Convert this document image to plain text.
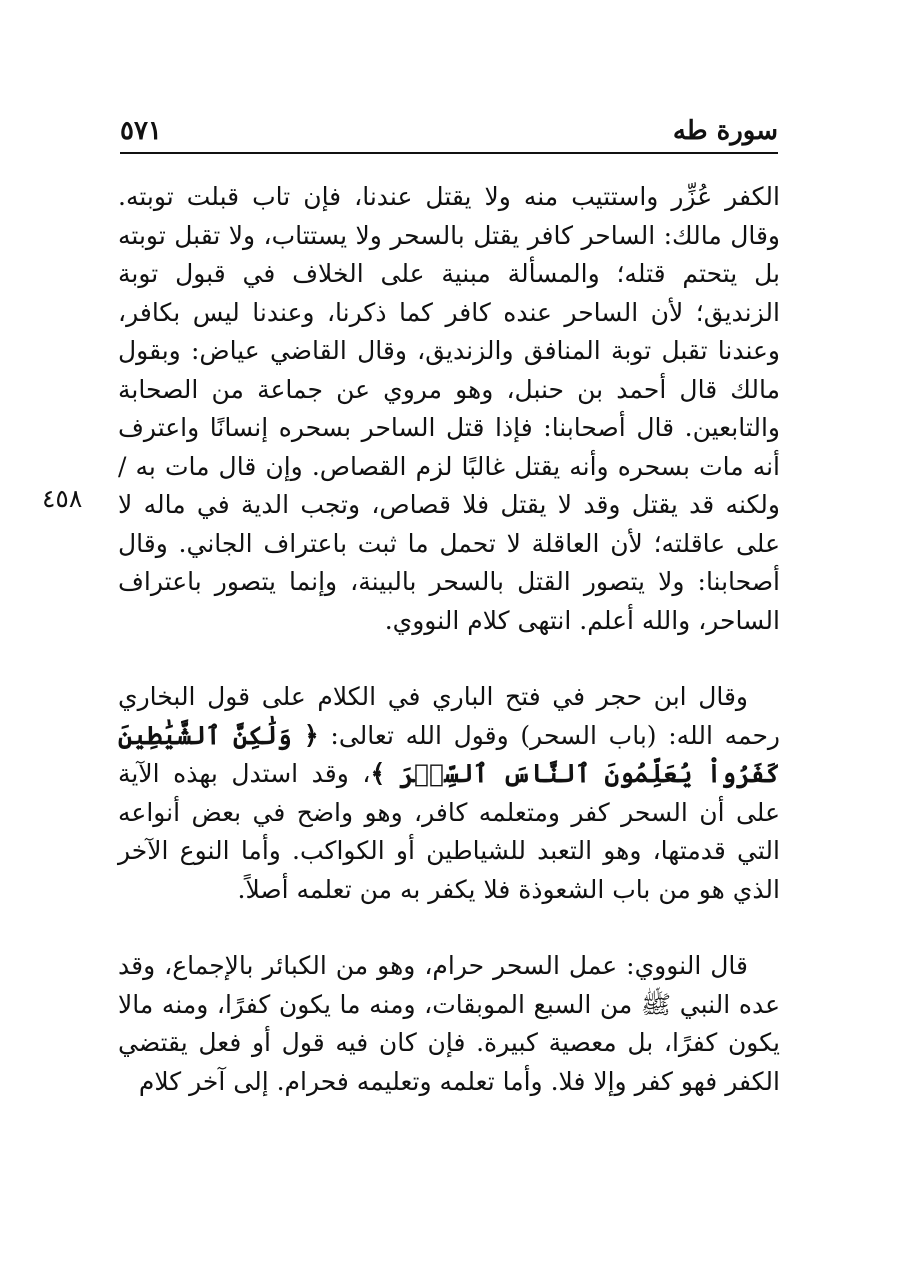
سورة طه
٥٧١
٤٥٨

الكفر عُزِّر واستتيب منه ولا يقتل عندنا، فإن تاب قبلت توبته. وقال مالك: الساحر كافر يقتل بالسحر ولا يستتاب، ولا تقبل توبته بل يتحتم قتله؛ والمسألة مبنية على الخلاف في قبول توبة الزنديق؛ لأن الساحر عنده كافر كما ذكرنا، وعندنا ليس بكافر، وعندنا تقبل توبة المنافق والزنديق، وقال القاضي عياض: وبقول مالك قال أحمد بن حنبل، وهو مروي عن جماعة من الصحابة والتابعين. قال أصحابنا: فإذا قتل الساحر بسحره إنسانًا واعترف أنه مات بسحره وأنه يقتل غالبًا لزم القصاص. وإن قال مات به / ولكنه قد يقتل وقد لا يقتل فلا قصاص، وتجب الدية في ماله لا على عاقلته؛ لأن العاقلة لا تحمل ما ثبت باعتراف الجاني. وقال أصحابنا: ولا يتصور القتل بالسحر بالبينة، وإنما يتصور باعتراف الساحر، والله أعلم. انتهى كلام النووي.

وقال ابن حجر في فتح الباري في الكلام على قول البخاري رحمه الله: (باب السحر) وقول الله تعالى: ﴿ وَلَٰكِنَّ ٱلشَّيَٰطِينَ كَفَرُواْ يُعَلِّمُونَ ٱلنَّاسَ ٱلسِّحۡرَ ﴾، وقد استدل بهذه الآية على أن السحر كفر ومتعلمه كافر، وهو واضح في بعض أنواعه التي قدمتها، وهو التعبد للشياطين أو الكواكب. وأما النوع الآخر الذي هو من باب الشعوذة فلا يكفر به من تعلمه أصلاً.

قال النووي: عمل السحر حرام، وهو من الكبائر بالإجماع، وقد عده النبي ﷺ من السبع الموبقات، ومنه ما يكون كفرًا، ومنه مالا يكون كفرًا، بل معصية كبيرة. فإن كان فيه قول أو فعل يقتضي الكفر فهو كفر وإلا فلا. وأما تعلمه وتعليمه فحرام. إلى آخر كلام
